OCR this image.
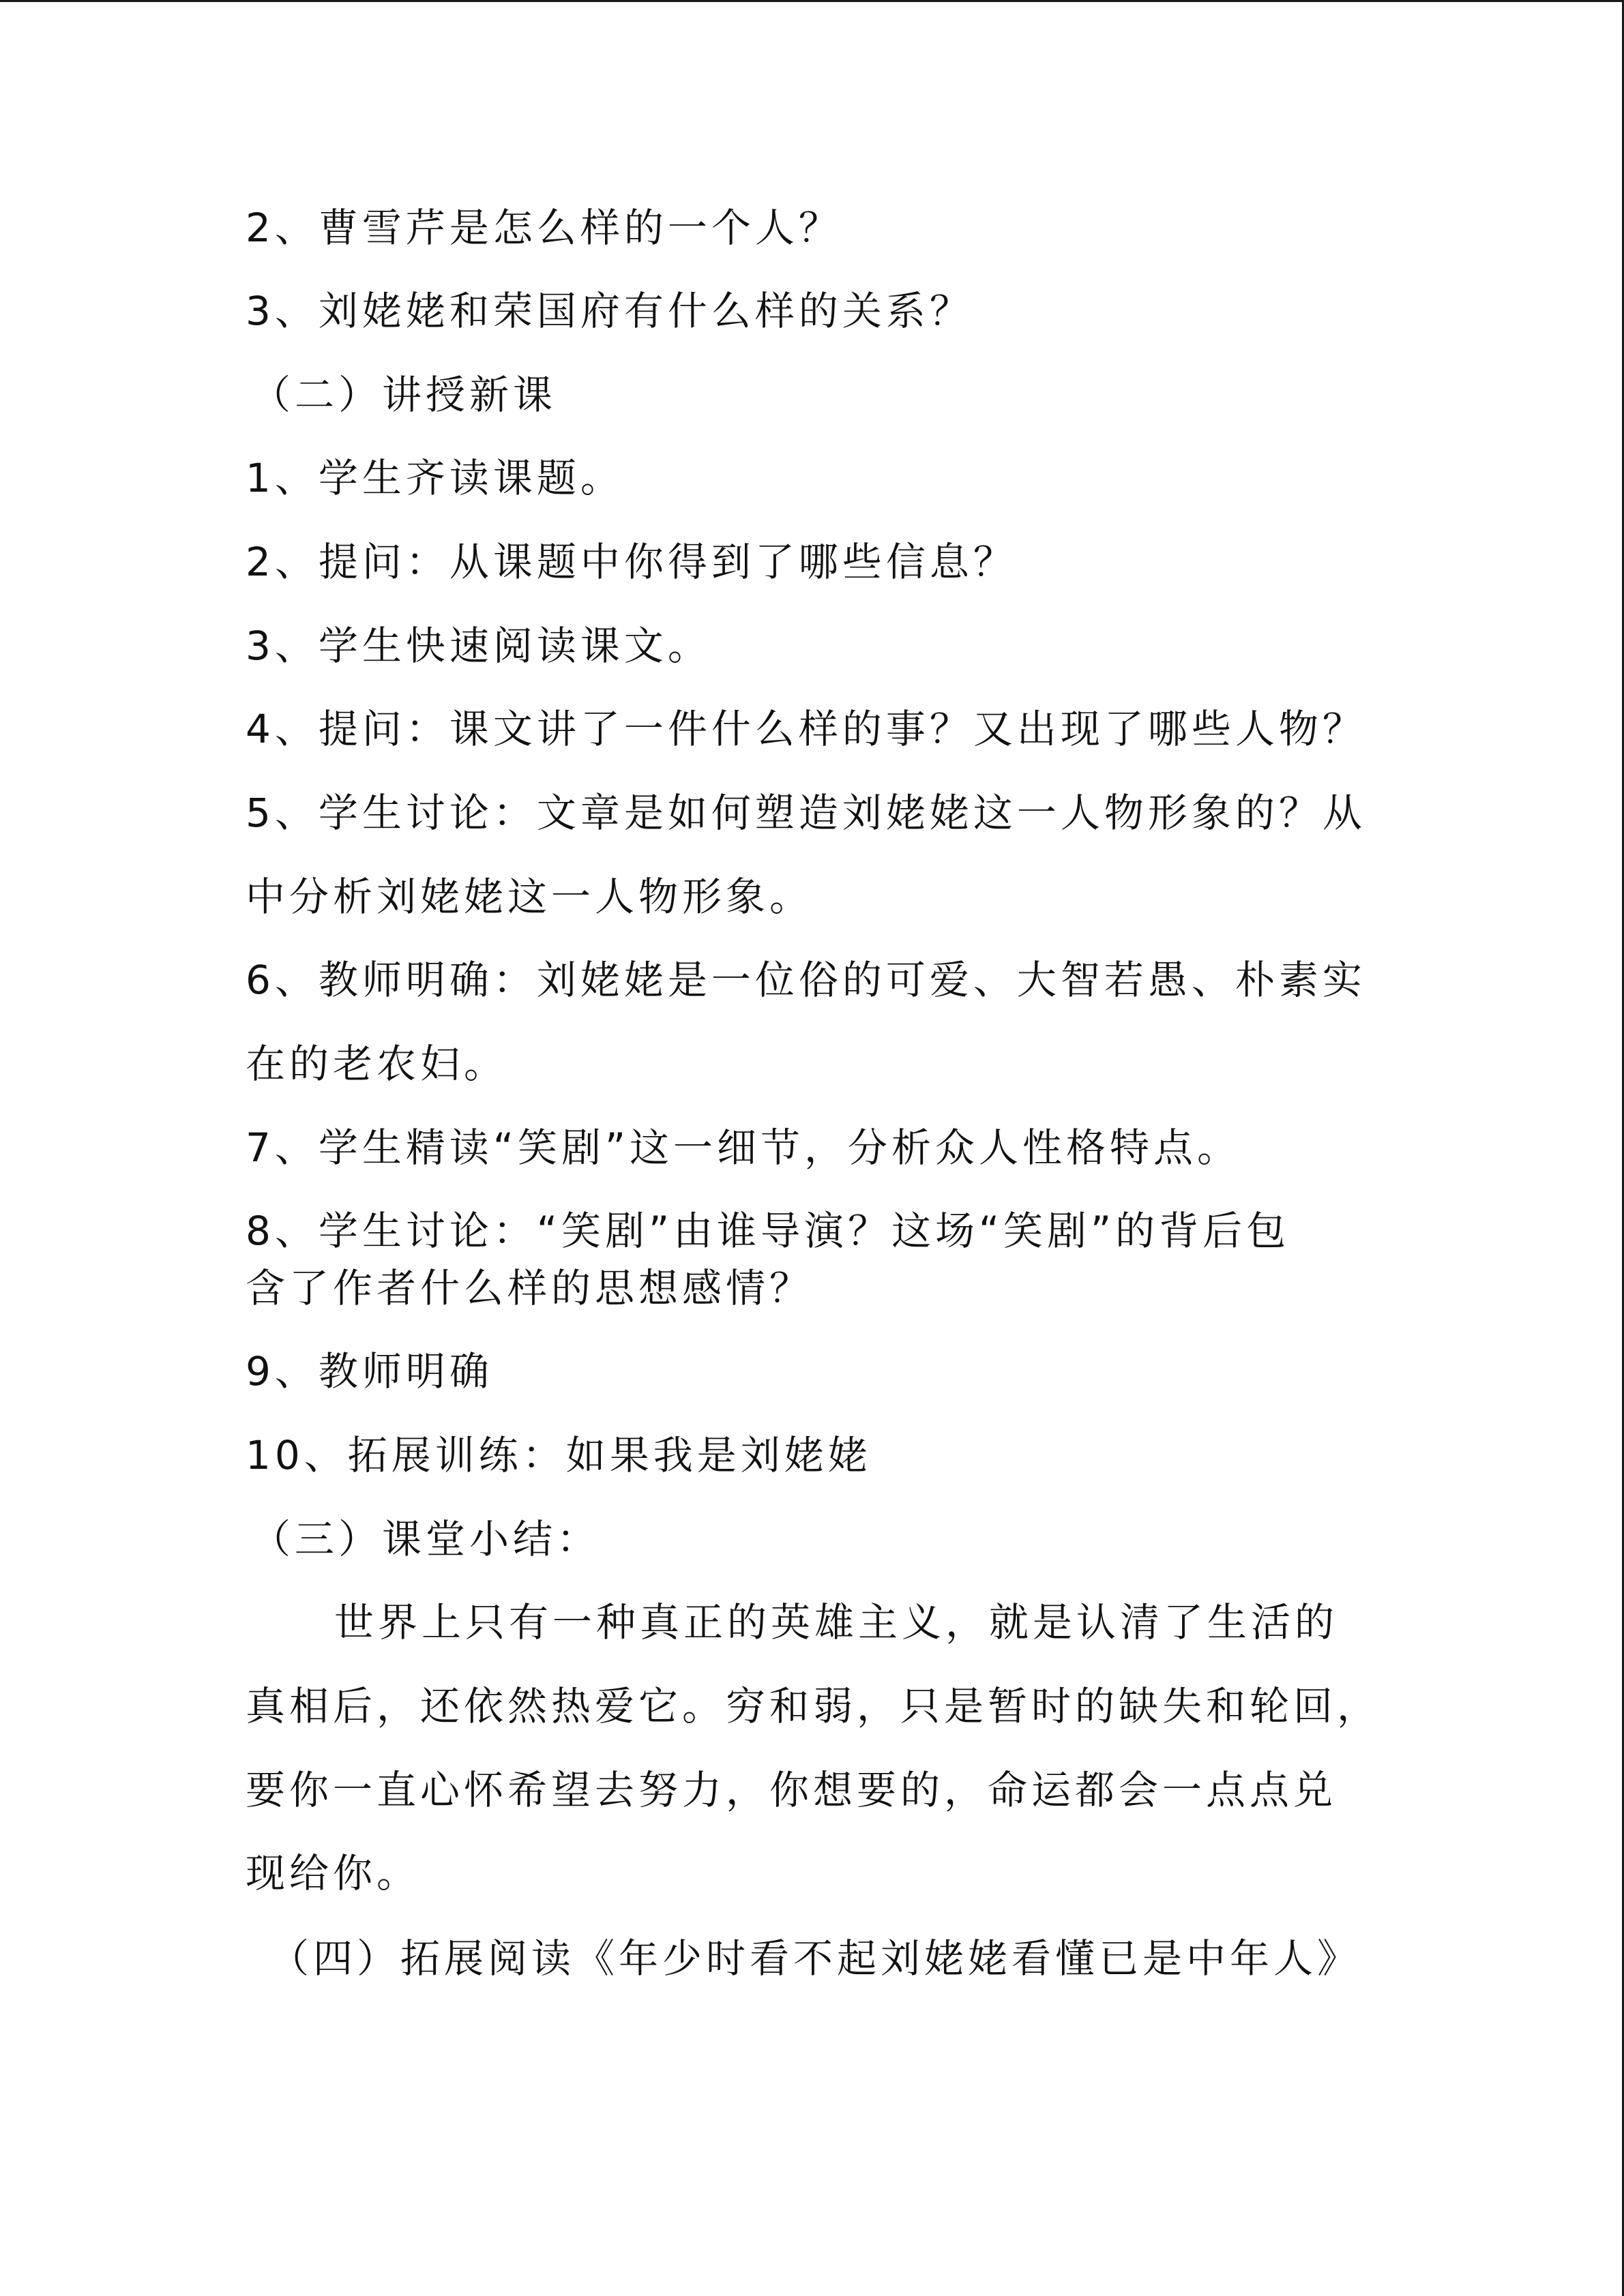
2、曹雪芹是怎么样的一个人？
3、刘姥姥和荣国府有什么样的关系？
（二）讲授新课
1、学生齐读课题。
2、提问：从课题中你得到了哪些信息？
3、学生快速阅读课文。
4、提问：课文讲了一件什么样的事？又出现了哪些人物？
5、学生讨论：文章是如何塑造刘姥姥这一人物形象的？从
中分析刘姥姥这一人物形象。
6、教师明确：刘姥姥是一位俗的可爱、大智若愚、朴素实
在的老农妇。
7、学生精读“笑剧”这一细节，分析众人性格特点。
8、学生讨论：“笑剧”由谁导演？这场“笑剧”的背后包
含了作者什么样的思想感情？
9、教师明确
10、拓展训练：如果我是刘姥姥
（三）课堂小结：
世界上只有一种真正的英雄主义，就是认清了生活的
真相后，还依然热爱它。穷和弱，只是暂时的缺失和轮回，
要你一直心怀希望去努力，你想要的，命运都会一点点兑
现给你。
（四）拓展阅读《年少时看不起刘姥姥看懂已是中年人》
